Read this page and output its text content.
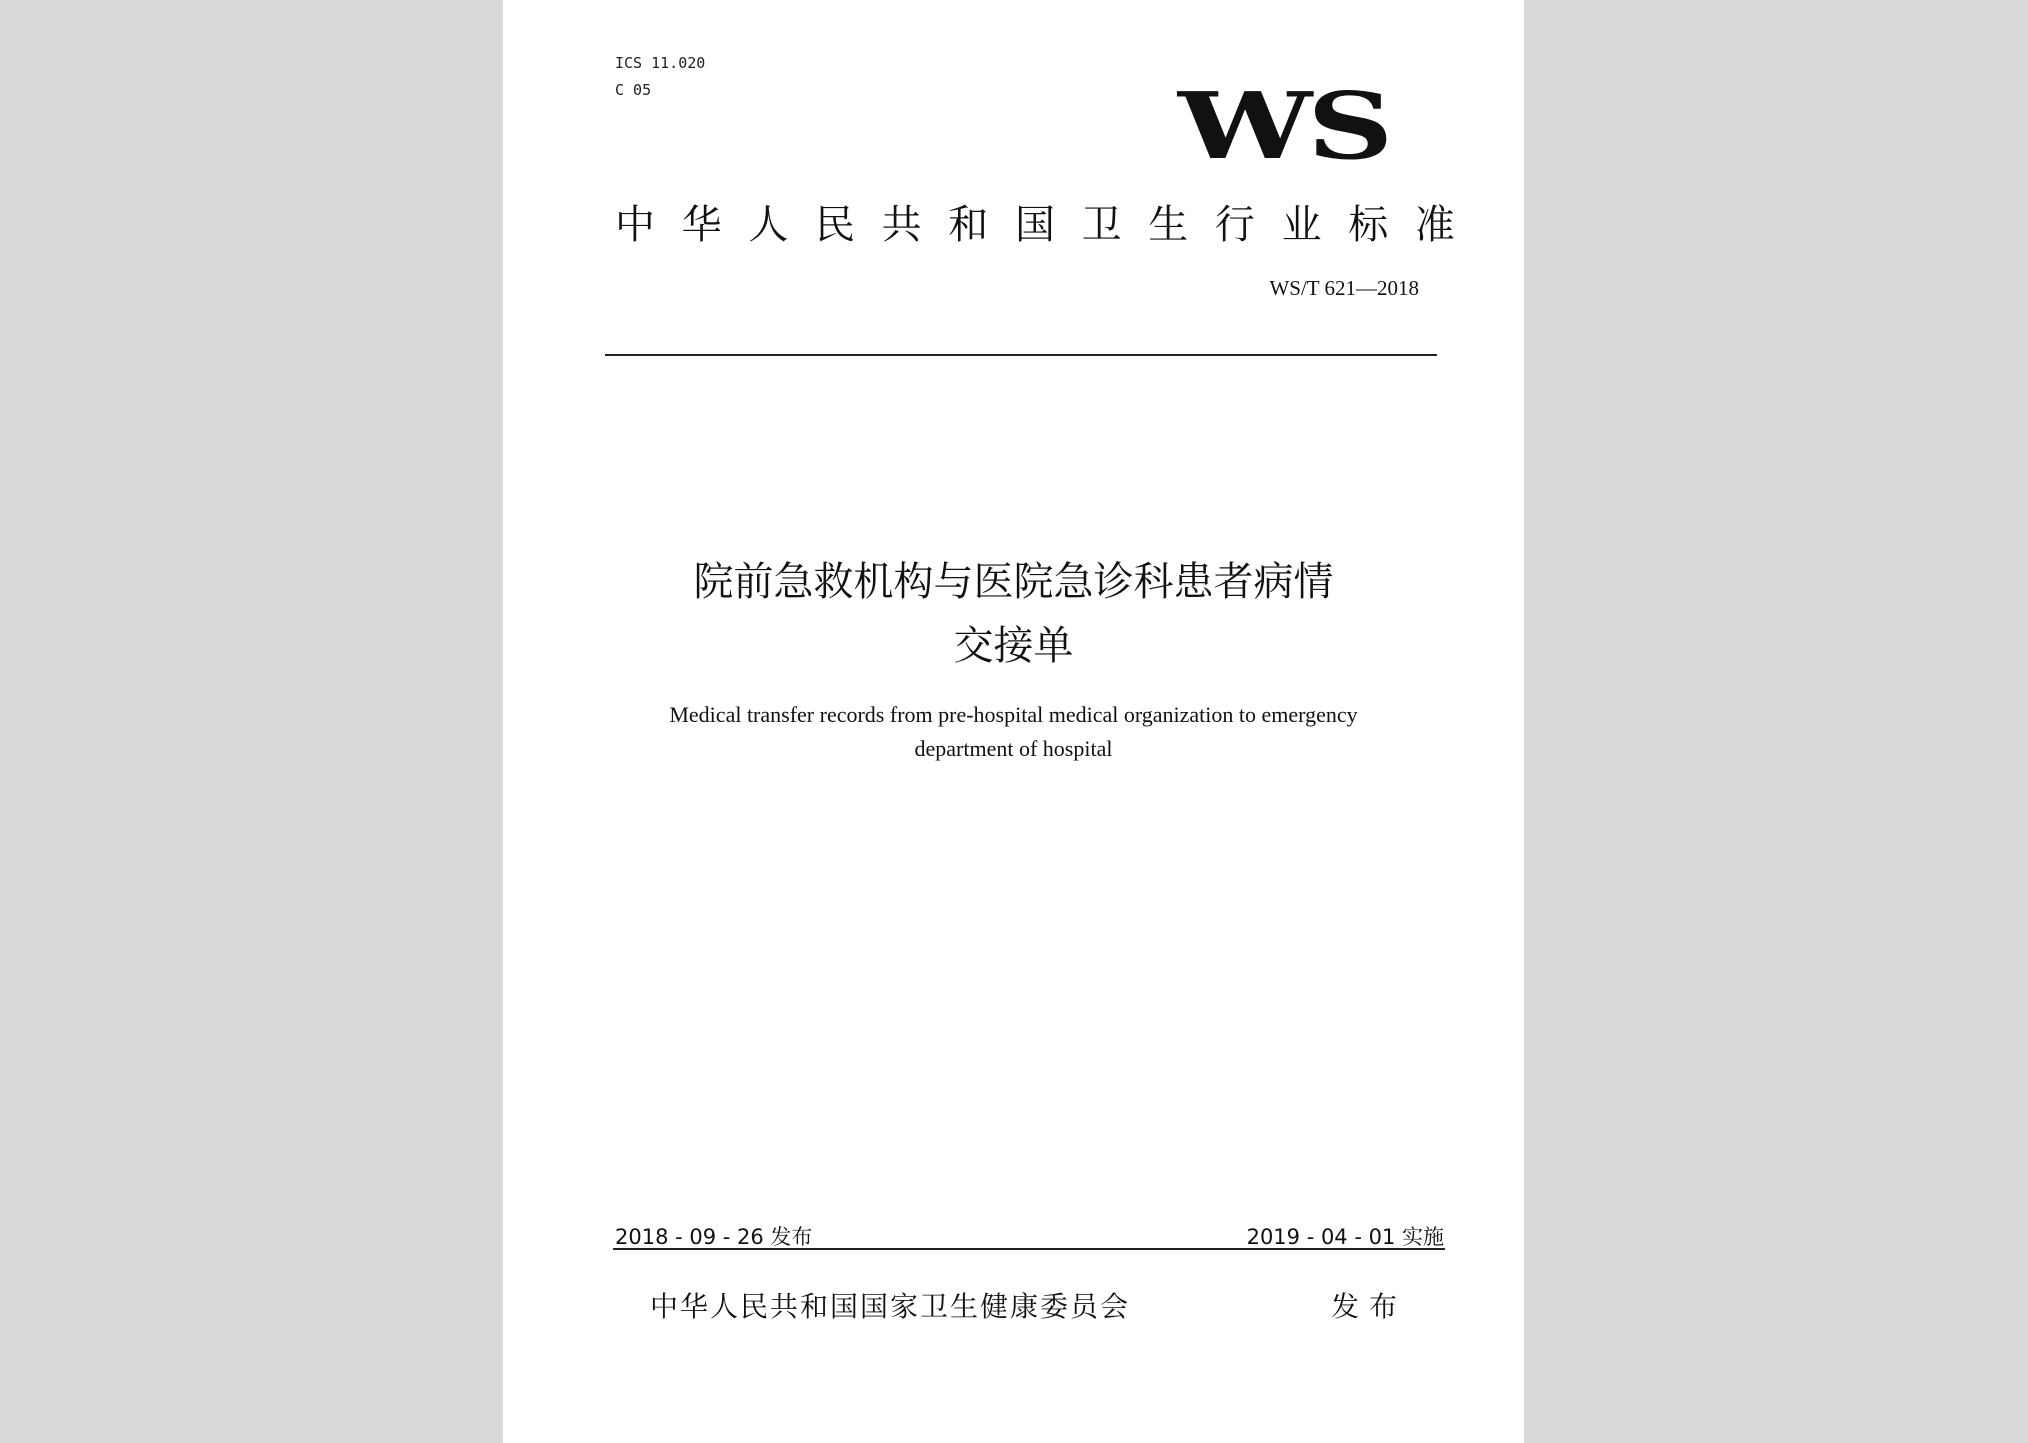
ICS 11.020
C 05	WS
中 华 人 民 共 和 国 卫 生 行 业 标 准
WS/T 621—2018
院前急救机构与医院急诊科患者病情
交接单
Medical transfer records from pre-hospital medical organization to emergency
department of hospital
2018 - 09 - 26 发布	2019 - 04 - 01 实施
中华人民共和国国家卫生健康委员会	发布
